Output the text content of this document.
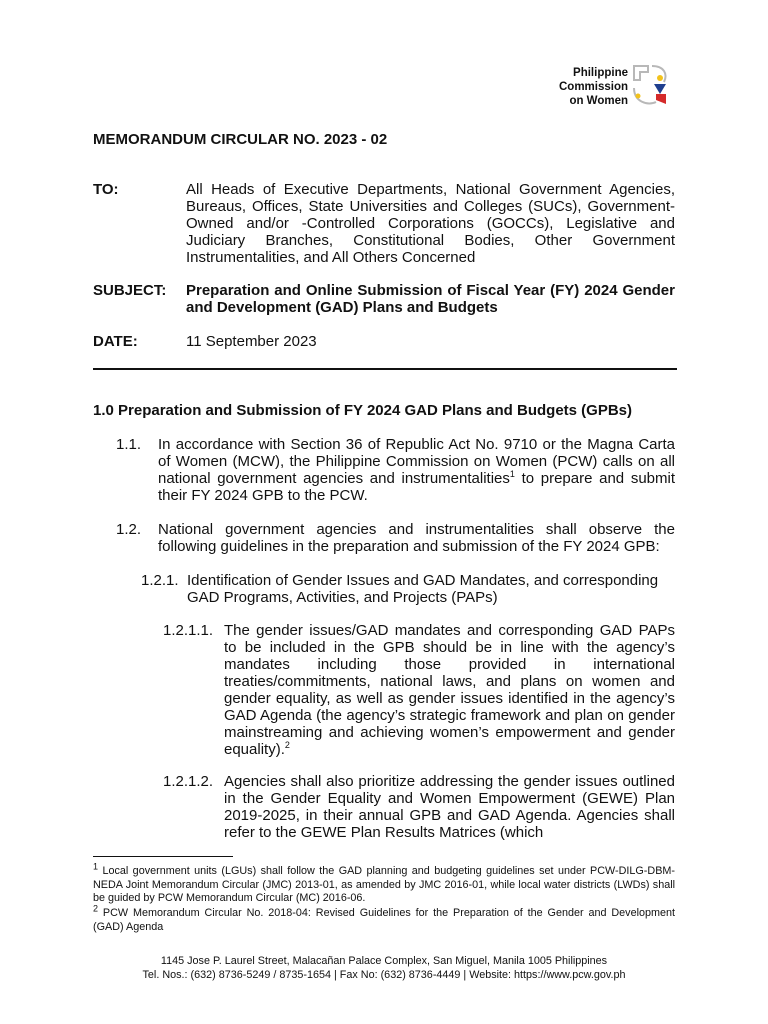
Philippine
Commission
on Women
MEMORANDUM CIRCULAR NO. 2023 - 02
TO:	All Heads of Executive Departments, National Government Agencies, Bureaus, Offices, State Universities and Colleges (SUCs), Government-Owned and/or -Controlled Corporations (GOCCs), Legislative and Judiciary Branches, Constitutional Bodies, Other Government Instrumentalities, and All Others Concerned
SUBJECT: Preparation and Online Submission of Fiscal Year (FY) 2024 Gender and Development (GAD) Plans and Budgets
DATE:	11 September 2023
1.0 Preparation and Submission of FY 2024 GAD Plans and Budgets (GPBs)
1.1. In accordance with Section 36 of Republic Act No. 9710 or the Magna Carta of Women (MCW), the Philippine Commission on Women (PCW) calls on all national government agencies and instrumentalities$^1$ to prepare and submit their FY 2024 GPB to the PCW.
1.2. National government agencies and instrumentalities shall observe the following guidelines in the preparation and submission of the FY 2024 GPB:
1.2.1. Identification of Gender Issues and GAD Mandates, and corresponding GAD Programs, Activities, and Projects (PAPs)
1.2.1.1. The gender issues/GAD mandates and corresponding GAD PAPs to be included in the GPB should be in line with the agency’s mandates including those provided in international treaties/commitments, national laws, and plans on women and gender equality, as well as gender issues identified in the agency’s GAD Agenda (the agency’s strategic framework and plan on gender mainstreaming and achieving women’s empowerment and gender equality).$^2$
1.2.1.2. Agencies shall also prioritize addressing the gender issues outlined in the Gender Equality and Women Empowerment (GEWE) Plan 2019-2025, in their annual GPB and GAD Agenda. Agencies shall refer to the GEWE Plan Results Matrices (which
$^1$ Local government units (LGUs) shall follow the GAD planning and budgeting guidelines set under PCW-DILG-DBM-NEDA Joint Memorandum Circular (JMC) 2013-01, as amended by JMC 2016-01, while local water districts (LWDs) shall be guided by PCW Memorandum Circular (MC) 2016-06.
$^2$ PCW Memorandum Circular No. 2018-04: Revised Guidelines for the Preparation of the Gender and Development (GAD) Agenda
1145 Jose P. Laurel Street, Malacañan Palace Complex, San Miguel, Manila 1005 Philippines
Tel. Nos.: (632) 8736-5249 / 8735-1654 | Fax No: (632) 8736-4449 | Website: https://www.pcw.gov.ph
